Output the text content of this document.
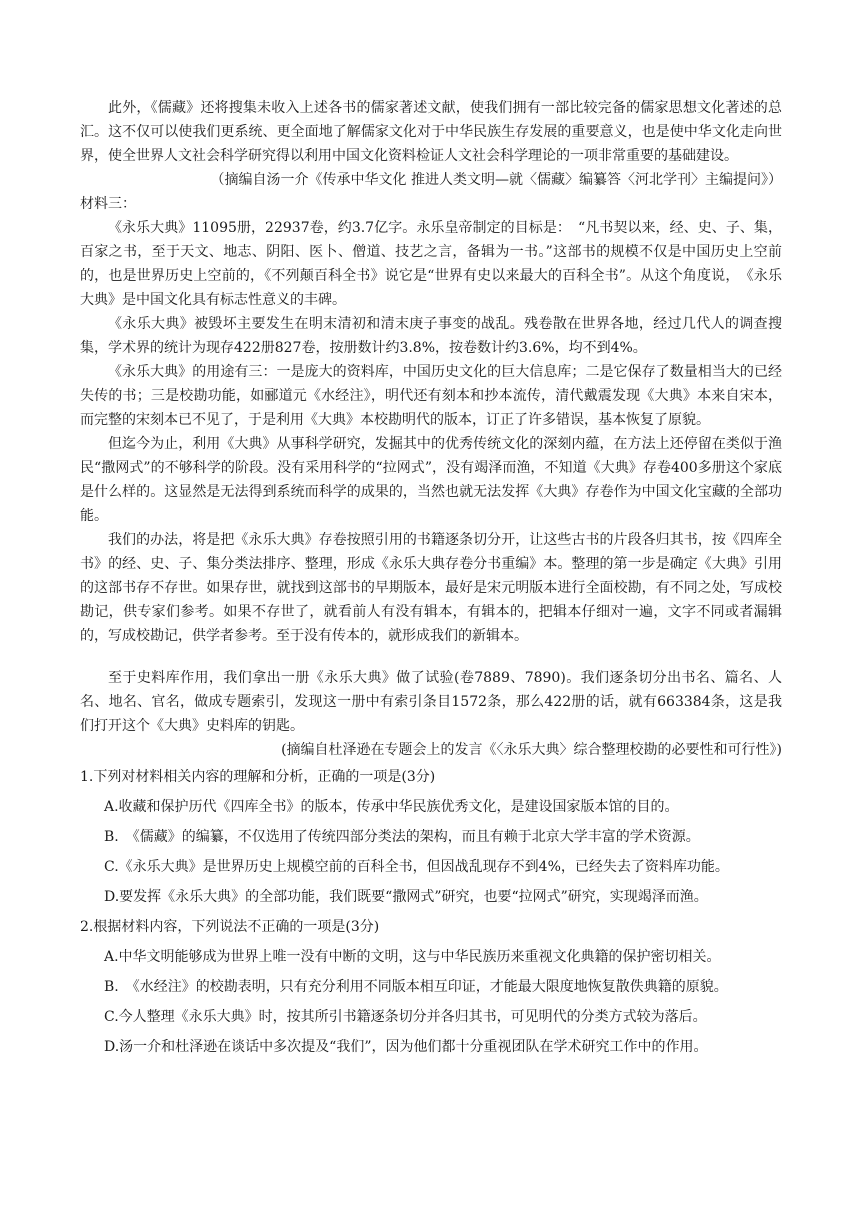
此外，《儒藏》还将搜集未收入上述各书的儒家著述文献，使我们拥有一部比较完备的儒家思想文化著述的总汇。这不仅可以使我们更系统、更全面地了解儒家文化对于中华民族生存发展的重要意义，也是使中华文化走向世界，使全世界人文社会科学研究得以利用中国文化资料检证人文社会科学理论的一项非常重要的基础建设。

（摘编自汤一介《传承中华文化 推进人类文明—就〈儒藏〉编纂答〈河北学刊〉主编提问》）

材料三：

《永乐大典》11095册，22937卷，约3.7亿字。永乐皇帝制定的目标是：　“凡书契以来，经、史、子、集，百家之书，至于天文、地志、阴阳、医卜、僧道、技艺之言，备辑为一书。”这部书的规模不仅是中国历史上空前的，也是世界历史上空前的，《不列颠百科全书》说它是“世界有史以来最大的百科全书”。从这个角度说，　《永乐大典》是中国文化具有标志性意义的丰碑。

《永乐大典》被毁坏主要发生在明末清初和清末庚子事变的战乱。残卷散在世界各地，经过几代人的调查搜集，学术界的统计为现存422册827卷，按册数计约3.8%，按卷数计约3.6%，均不到4%。

《永乐大典》的用途有三：一是庞大的资料库，中国历史文化的巨大信息库；二是它保存了数量相当大的已经失传的书；三是校勘功能，如郦道元《水经注》，明代还有刻本和抄本流传，清代戴震发现《大典》本来自宋本，而完整的宋刻本已不见了，于是利用《大典》本校勘明代的版本，订正了许多错误，基本恢复了原貌。

但迄今为止，利用《大典》从事科学研究，发掘其中的优秀传统文化的深刻内蕴，在方法上还停留在类似于渔民“撒网式”的不够科学的阶段。没有采用科学的“拉网式”，没有竭泽而渔，不知道《大典》存卷400多册这个家底是什么样的。这显然是无法得到系统而科学的成果的，当然也就无法发挥《大典》存卷作为中国文化宝藏的全部功能。

我们的办法，将是把《永乐大典》存卷按照引用的书籍逐条切分开，让这些古书的片段各归其书，按《四库全书》的经、史、子、集分类法排序、整理，形成《永乐大典存卷分书重编》本。整理的第一步是确定《大典》引用的这部书存不存世。如果存世，就找到这部书的早期版本，最好是宋元明版本进行全面校勘，有不同之处，写成校勘记，供专家们参考。如果不存世了，就看前人有没有辑本，有辑本的，把辑本仔细对一遍，文字不同或者漏辑的，写成校勘记，供学者参考。至于没有传本的，就形成我们的新辑本。

至于史料库作用，我们拿出一册《永乐大典》做了试验(卷7889、7890)。我们逐条切分出书名、篇名、人名、地名、官名，做成专题索引，发现这一册中有索引条目1572条，那么422册的话，就有663384条，这是我们打开这个《大典》史料库的钥匙。

(摘编自杜泽逊在专题会上的发言《〈永乐大典〉综合整理校勘的必要性和可行性》)

1.下列对材料相关内容的理解和分析，正确的一项是(3分)

A.收藏和保护历代《四库全书》的版本，传承中华民族优秀文化，是建设国家版本馆的目的。

B.　《儒藏》的编纂，不仅选用了传统四部分类法的架构，而且有赖于北京大学丰富的学术资源。

C.《永乐大典》是世界历史上规模空前的百科全书，但因战乱现存不到4%，已经失去了资料库功能。

D.要发挥《永乐大典》的全部功能，我们既要“撒网式”研究，也要“拉网式”研究，实现竭泽而渔。

2.根据材料内容，下列说法不正确的一项是(3分)

A.中华文明能够成为世界上唯一没有中断的文明，这与中华民族历来重视文化典籍的保护密切相关。

B.　《水经注》的校勘表明，只有充分利用不同版本相互印证，才能最大限度地恢复散佚典籍的原貌。

C.今人整理《永乐大典》时，按其所引书籍逐条切分并各归其书，可见明代的分类方式较为落后。

D.汤一介和杜泽逊在谈话中多次提及“我们”，因为他们都十分重视团队在学术研究工作中的作用。
